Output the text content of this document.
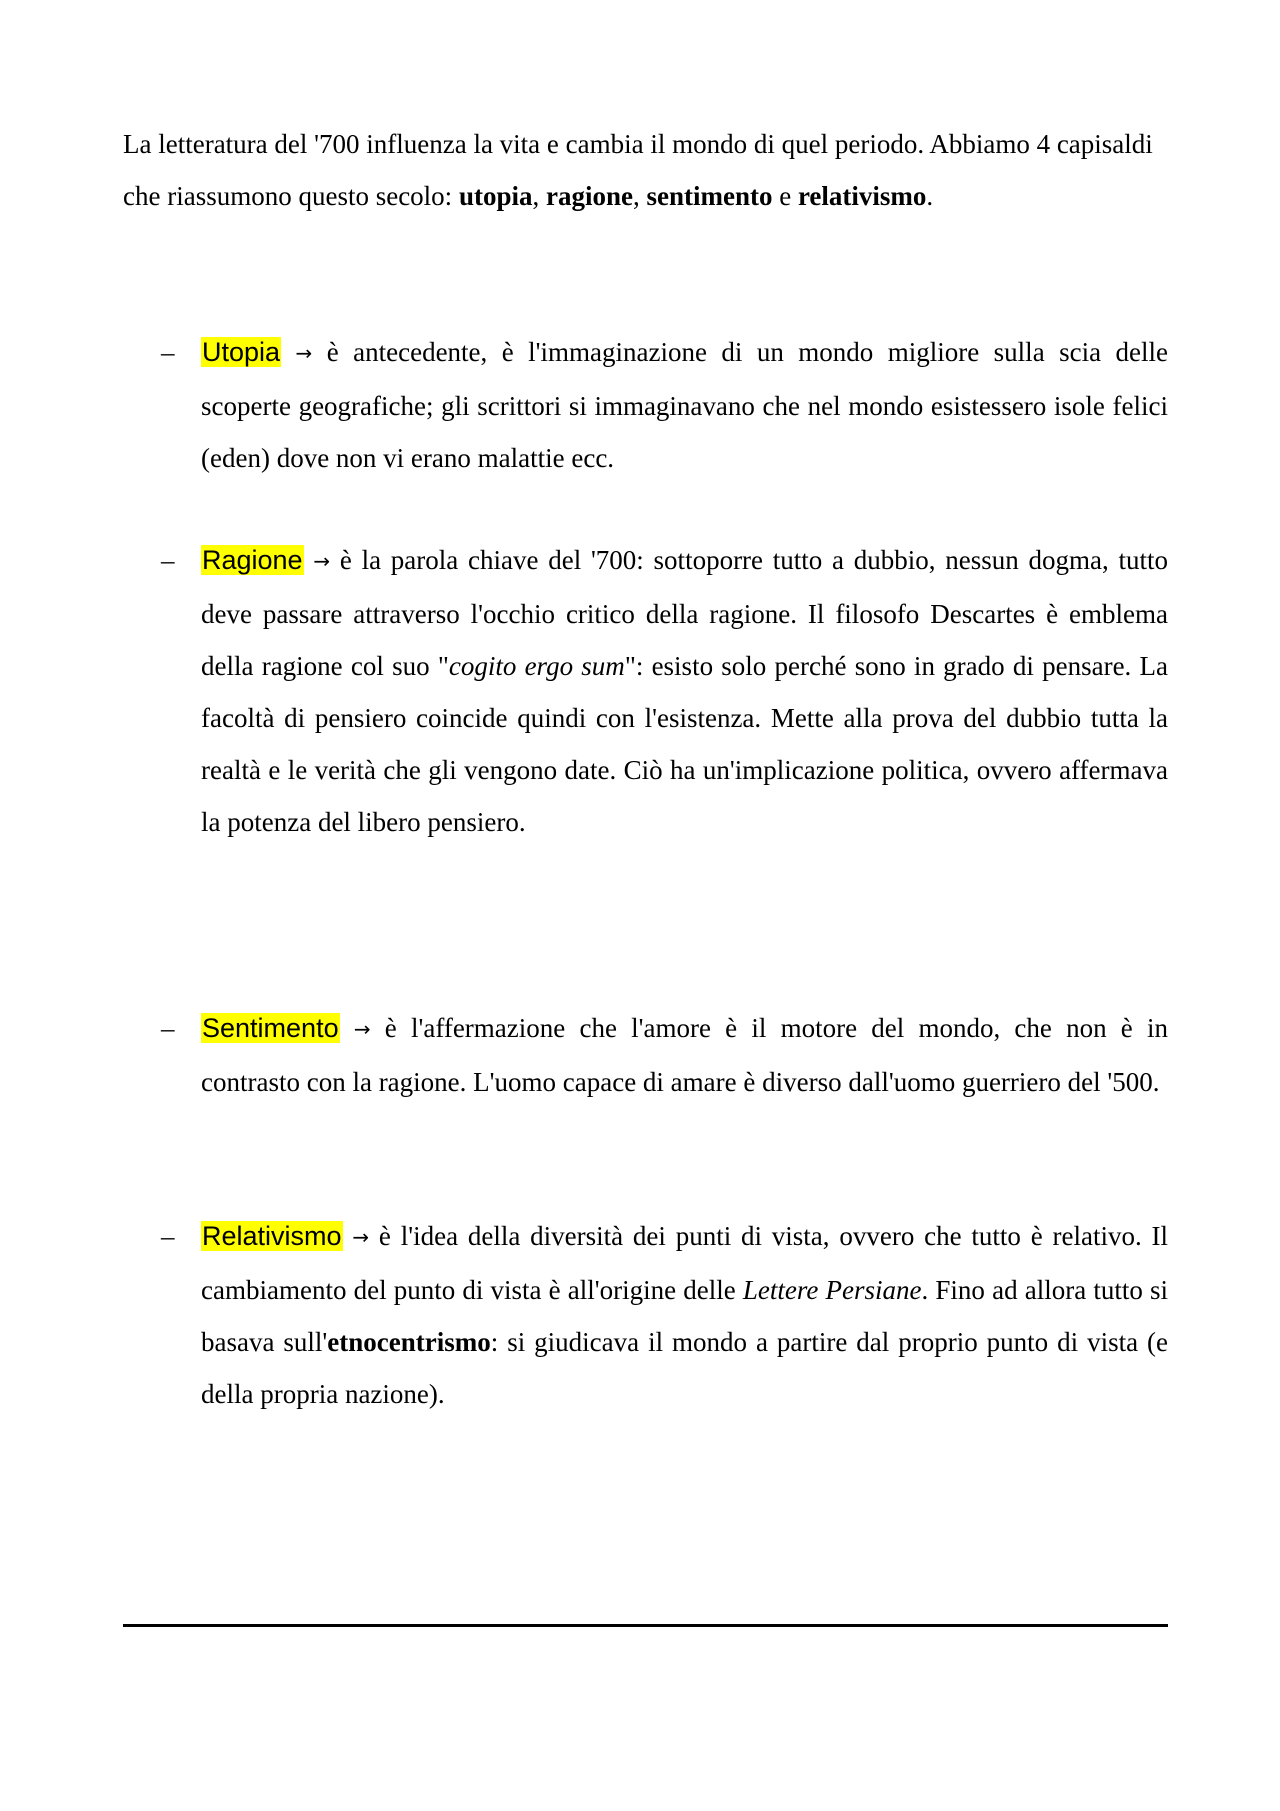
La letteratura del '700 influenza la vita e cambia il mondo di quel periodo. Abbiamo 4 capisaldi che riassumono questo secolo: utopia, ragione, sentimento e relativismo.

– Utopia → è antecedente, è l'immaginazione di un mondo migliore sulla scia delle scoperte geografiche; gli scrittori si immaginavano che nel mondo esistessero isole felici (eden) dove non vi erano malattie ecc.

– Ragione → è la parola chiave del '700: sottoporre tutto a dubbio, nessun dogma, tutto deve passare attraverso l'occhio critico della ragione. Il filosofo Descartes è emblema della ragione col suo "cogito ergo sum": esisto solo perché sono in grado di pensare. La facoltà di pensiero coincide quindi con l'esistenza. Mette alla prova del dubbio tutta la realtà e le verità che gli vengono date. Ciò ha un'implicazione politica, ovvero affermava la potenza del libero pensiero.

– Sentimento → è l'affermazione che l'amore è il motore del mondo, che non è in contrasto con la ragione. L'uomo capace di amare è diverso dall'uomo guerriero del '500.

– Relativismo → è l'idea della diversità dei punti di vista, ovvero che tutto è relativo. Il cambiamento del punto di vista è all'origine delle Lettere Persiane. Fino ad allora tutto si basava sull'etnocentrismo: si giudicava il mondo a partire dal proprio punto di vista (e della propria nazione).
